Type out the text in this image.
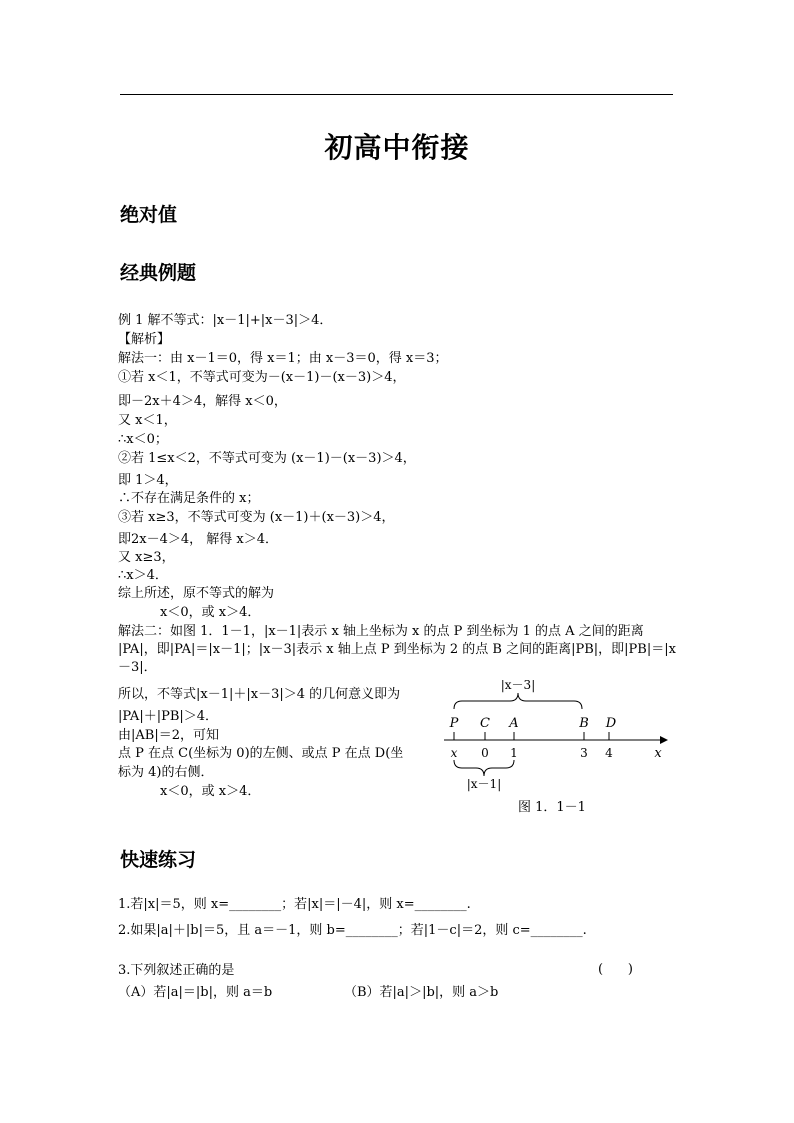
初高中衔接
绝对值
经典例题
例 1 解不等式：|x－1|+|x－3|＞4．
【解析】
解法一：由 x－1＝0，得 x＝1；由 x－3＝0，得 x＝3；
①若 x＜1，不等式可变为－(x－1)－(x－3)＞4，
即－2x＋4＞4，解得 x＜0，
又 x＜1，
∴x＜0；
②若 1≤x＜2，不等式可变为 (x－1)－(x－3)＞4，
即 1＞4，
∴不存在满足条件的 x；
③若 x≥3，不等式可变为 (x－1)＋(x－3)＞4，
即2x－4＞4， 解得 x＞4．
又 x≥3，
∴x＞4．
综上所述，原不等式的解为
x＜0，或 x＞4．
解法二：如图 1．1－1，|x－1|表示 x 轴上坐标为 x 的点 P 到坐标为 1 的点 A 之间的距离 |PA|，即|PA|＝|x－1|；|x－3|表示 x 轴上点 P 到坐标为 2 的点 B 之间的距离|PB|，即|PB|＝|x－3|．
所以，不等式|x－1|＋|x－3|＞4 的几何意义即为
|PA|＋|PB|＞4．
由|AB|＝2，可知
点 P 在点 C(坐标为 0)的左侧、或点 P 在点 D(坐
标为 4)的右侧．
x＜0，或 x＞4．
|x－3|
P C A	B D
x 0 1	3 4	x
|x－1|
图 1．1－1
快速练习
1.若|x|＝5，则 x=________；若|x|＝|－4|，则 x=________.
2.如果|a|＋|b|＝5，且 a＝－1，则 b=________；若|1－c|＝2，则 c=________.
3.下列叙述正确的是	(      )
（A）若|a|＝|b|，则 a＝b	（B）若|a|＞|b|，则 a＞b
